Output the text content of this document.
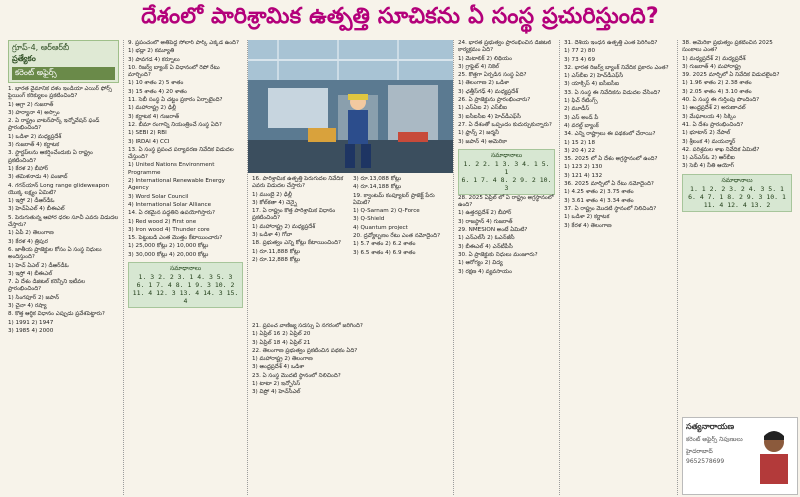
దేశంలో పారిశ్రామిక ఉత్పత్తి సూచికను ఏ సంస్థ ప్రచురిస్తుంది?
గ్రూప్-4, ఆర్ఆర్‌బీ
ప్రత్యేకం
కరెంట్ అఫైర్స్
1. భారత వైమానిక దళం ఇండియా ఎయిర్ ఫోర్స్ ఫ్లెయింగ్ కరిక్యులం ప్రకటించింది?
1) ఆగ్రా 2) గుజరాత్
3) హర్యానా 4) అస్సాం
2. ఏ రాష్ట్రం వాటర్‌పార్క్ ఇన్నోవేషన్ ఫండ్ ప్రారంభించింది?
1) ఒడిశా 2) మధ్యప్రదేశ్
3) గుజరాత్ 4) కర్ణాటక
3. స్టార్టప్‌లను ఆకర్షించేందుకు ఏ రాష్ట్రం ప్రకటించింది?
1) కేరళ 2) బీహార్
3) తమిళనాడు 4) పంజాబ్
4. గగన్‌యాన్ Long range glideweapon యొక్క లక్ష్యం ఏమిటి?
1) ఇస్రో 2) డీఆర్‌డీఓ
3) హెచ్ఏఎల్ 4) బీఈఎల్
5. పెరుగుతున్న ఆహార ధరల సూచీ ఎవరు విడుదల చేస్తారు?
1) ఏపీ 2) తెలంగాణ
3) కేరళ 4) త్రిపుర
6. జాతీయ ప్రాజెక్టుల కోసం ఏ సంస్థ నిధులు అందిస్తుంది?
1) హెచ్ ఏఎల్ 2) డీఆర్‌డీఓ
3) ఇస్రో 4) బీఈఎల్
7. ఏ దేశం డిజిటల్ కరెన్సీని ఇటీవల ప్రారంభించింది?
1) సింగపూర్ 2) జపాన్
3) చైనా 4) రష్యా
8. కొత్త ఆర్థిక విధానం ఎప్పుడు ప్రవేశపెట్టారు?
1) 1991 2) 1947
3) 1985 4) 2000
9. ప్రపంచంలో అతిపెద్ద సోలార్ పార్క్ ఎక్కడ ఉంది?
1) భడ్లా 2) కమ్యూతి
3) పావగడ 4) కర్నూలు
10. రిజర్వ్ బ్యాంక్ ఏ విధానంలో రెపో రేటు మార్చింది?
1) 10 శాతం 2) 5 శాతం
3) 15 శాతం 4) 20 శాతం
11. సెబీ సంస్థ ఏ చట్టం ప్రకారం ఏర్పాటైంది?
1) మహారాష్ట్ర 2) ఢిల్లీ
3) కర్ణాటక 4) గుజరాత్
12. బీమా రంగాన్ని నియంత్రించే సంస్థ ఏది?
1) SEBI 2) RBI
3) IRDAI 4) CCI
13. ఏ సంస్థ ప్రపంచ పర్యావరణ నివేదిక విడుదల చేస్తుంది?
1) United Nations Environment Programme
2) International Renewable Energy Agency
3) Word Solar Council
4) International Solar Alliance
14. ఏ రకమైన పద్ధతిని ఉపయోగిస్తారు?
1) Red wood 2) First one
3) Iron wood 4) Thunder core
15. పెట్టుబడి ఎంత మొత్తం కేటాయించారు?
1) 25,000 కోట్లు 2) 10,000 కోట్లు
3) 30,000 కోట్లు 4) 20,000 కోట్లు
సమాధానాలు
1. 3 2. 2 3. 1 4. 3 5. 3
6. 1 7. 4 8. 1 9. 3 10. 2
11. 4 12. 3 13. 4 14. 3 15. 4
16. పారిశ్రామిక ఉత్పత్తి పెరుగుదల నివేదిక ఎవరు విడుదల చేస్తారు?
1) ముంబై 2) ఢిల్లీ
3) కోల్‌కతా 4) చెన్నై
17. ఏ రాష్ట్రం కొత్త పారిశ్రామిక విధానం ప్రకటించింది?
1) మహారాష్ట్ర 2) మధ్యప్రదేశ్
3) ఒడిశా 4) గోవా
18. ప్రభుత్వం ఎన్ని కోట్లు కేటాయించింది?
1) రూ.11,888 కోట్లు
2) రూ.12,888 కోట్లు
3) రూ.13,088 కోట్లు
4) రూ.14,188 కోట్లు
19. క్వాంటమ్ కంప్యూటర్ ప్రాజెక్ట్ పేరు ఏమిటి?
1) Q-Sarnam 2) Q-Force
3) Q-Shield
4) Quantum project
20. ద్రవ్యోల్బణం రేటు ఎంత నమోదైంది?
1) 5.7 శాతం 2) 6.2 శాతం
3) 6.5 శాతం 4) 6.9 శాతం
21. ప్రపంచ వాణిజ్య సదస్సు ఏ నగరంలో జరిగింది?
1) ఏప్రిల్ 16 2) ఏప్రిల్ 20
3) ఏప్రిల్ 18 4) ఏప్రిల్ 21
22. తెలంగాణ ప్రభుత్వం ప్రకటించిన పథకం ఏది?
1) మహారాష్ట్ర 2) తెలంగాణ
3) ఆంధ్రప్రదేశ్ 4) ఒడిశా
23. ఏ సంస్థ మొదటి స్థానంలో నిలిచింది?
1) టాటా 2) ఇన్ఫోసిస్
3) విప్రో 4) హెచ్‌సీఎల్
24. భారత ప్రభుత్వం ప్రారంభించిన డిజిటల్ కార్యక్రమం ఏది?
1) మెటాలిక్ 2) లిథియం
3) గ్రాఫైట్ 4) నికెల్
25. కొత్తగా ఏర్పడిన సంస్థ ఏది?
1) తెలంగాణ 2) ఒడిశా
3) ఛత్తీస్‌గఢ్ 4) మధ్యప్రదేశ్
26. ఏ ప్రాజెక్టును ప్రారంభించారు?
1) ఎస్ఏఐ 2) ఎస్‌బీఐ
3) ఐసీఐసీఐ 4) హెచ్‌డీఎఫ్‌సీ
27. ఏ దేశంతో ఒప్పందం కుదుర్చుకున్నారు?
1) ఫ్రాన్స్ 2) జర్మనీ
3) జపాన్ 4) అమెరికా
సమాధానాలు
1. 2 2. 1 3. 3 4. 1 5. 1
6. 1 7. 4 8. 2 9. 2 10. 3
28. 2025 ఏప్రిల్ లో ఏ రాష్ట్రం అగ్రస్థానంలో ఉంది?
1) ఉత్తరప్రదేశ్ 2) బీహార్
3) రాజస్థాన్ 4) గుజరాత్
29. NMESION అంటే ఏమిటి?
1) ఎన్‌ఎల్‌సీ 2) ఓఎన్‌జీసీ
3) బీఈఎల్ 4) ఎన్‌టీపీసీ
30. ఏ ప్రాజెక్టుకు నిధులు మంజూరు?
1) ఆరోగ్యం 2) విద్య
3) రక్షణ 4) వ్యవసాయం
31. దేశీయ ఇంధన ఉత్పత్తి ఎంత పెరిగింది?
1) 77 2) 80
3) 73 4) 69
32. భారత రిజర్వ్ బ్యాంక్ నివేదిక ప్రకారం ఎంత?
1) ఎస్‌బీఐ 2) హెచ్‌డీఎఫ్‌సీ
3) యాక్సిస్ 4) ఐసీఐసీఐ
33. ఏ సంస్థ ఈ నివేదికను విడుదల చేసింది?
1) ఫిచ్ రేటింగ్స్
2) మూడీస్
3) ఎస్ అండ్ పీ
4) వరల్డ్ బ్యాంక్
34. ఎన్ని రాష్ట్రాలు ఈ పథకంలో చేరాయి?
1) 15 2) 18
3) 20 4) 22
35. 2025 లో ఏ దేశం అగ్రస్థానంలో ఉంది?
1) 123 2) 130
3) 121 4) 132
36. 2025 మార్చిలో ఏ రేటు నమోదైంది?
1) 4.25 శాతం 2) 3.75 శాతం
3) 3.61 శాతం 4) 3.34 శాతం
37. ఏ రాష్ట్రం మొదటి స్థానంలో నిలిచింది?
1) ఒడిశా 2) కర్ణాటక
3) కేరళ 4) తెలంగాణ
38. అమెరికా ప్రభుత్వం ప్రకటించిన 2025 సుంకాలు ఎంత?
1) మధ్యప్రదేశ్ 2) మధ్యప్రదేశ్
3) గుజరాత్ 4) మహారాష్ట్ర
39. 2025 మార్చిలో ఏ నివేదిక విడుదలైంది?
1) 1.96 శాతం 2) 2.38 శాతం
3) 2.05 శాతం 4) 3.10 శాతం
40. ఏ సంస్థ ఈ గుర్తింపు పొందింది?
1) ఆంధ్రప్రదేశ్ 2) అరుణాచల్
3) మేఘాలయ 4) సిక్కిం
41. ఏ దేశం ప్రారంభించింది?
1) భూటాన్ 2) నేపాల్
3) శ్రీలంక 4) మయన్మార్
42. పరిశ్రమల శాఖ నివేదిక ఏమిటి?
1) ఎన్‌ఎస్‌ఓ 2) ఆర్‌బీఐ
3) సెబీ 4) నీతి ఆయోగ్
సమాధానాలు
1. 1 2. 2 3. 2 4. 3 5. 1
6. 4 7. 1 8. 2 9. 3 10. 1
11. 4 12. 4 13. 2
సత్యనారాయణ
కరెంట్ అఫైర్స్ నిపుణులు
హైదరాబాద్
9652578699
